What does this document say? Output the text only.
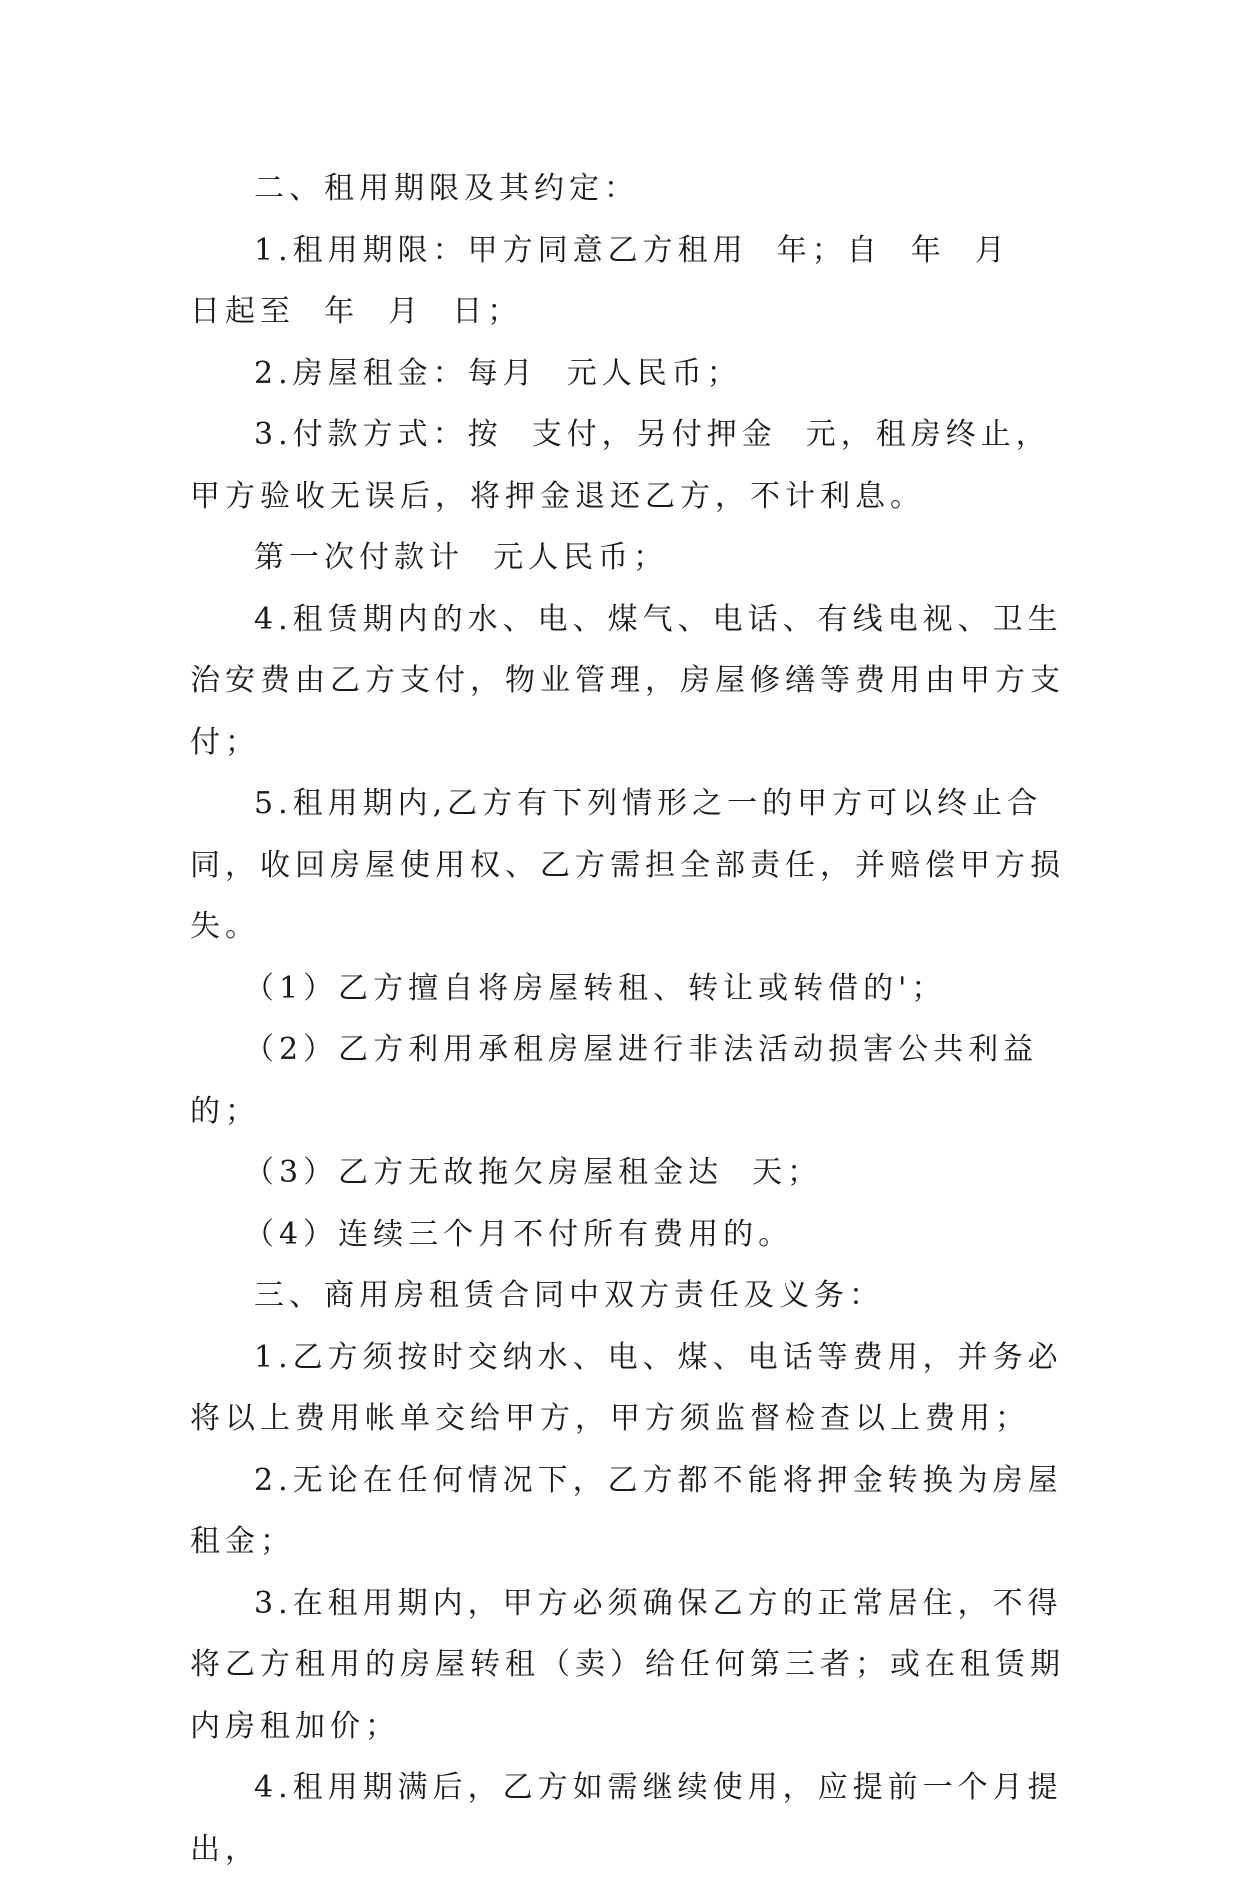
二、租用期限及其约定：

1.租用期限：甲方同意乙方租用  年；自  年  月  日起至  年  月  日；

2.房屋租金：每月  元人民币；

3.付款方式：按  支付，另付押金  元，租房终止，甲方验收无误后，将押金退还乙方，不计利息。

第一次付款计  元人民币；

4.租赁期内的水、电、煤气、电话、有线电视、卫生治安费由乙方支付，物业管理，房屋修缮等费用由甲方支付；

5.租用期内,乙方有下列情形之一的甲方可以终止合同，收回房屋使用权、乙方需担全部责任，并赔偿甲方损失。

（1）乙方擅自将房屋转租、转让或转借的'；

（2）乙方利用承租房屋进行非法活动损害公共利益的；

（3）乙方无故拖欠房屋租金达  天；

（4）连续三个月不付所有费用的。

三、商用房租赁合同中双方责任及义务：

1.乙方须按时交纳水、电、煤、电话等费用，并务必将以上费用帐单交给甲方，甲方须监督检查以上费用；

2.无论在任何情况下，乙方都不能将押金转换为房屋租金；

3.在租用期内，甲方必须确保乙方的正常居住，不得将乙方租用的房屋转租（卖）给任何第三者；或在租赁期内房租加价；

4.租用期满后，乙方如需继续使用，应提前一个月提出，
